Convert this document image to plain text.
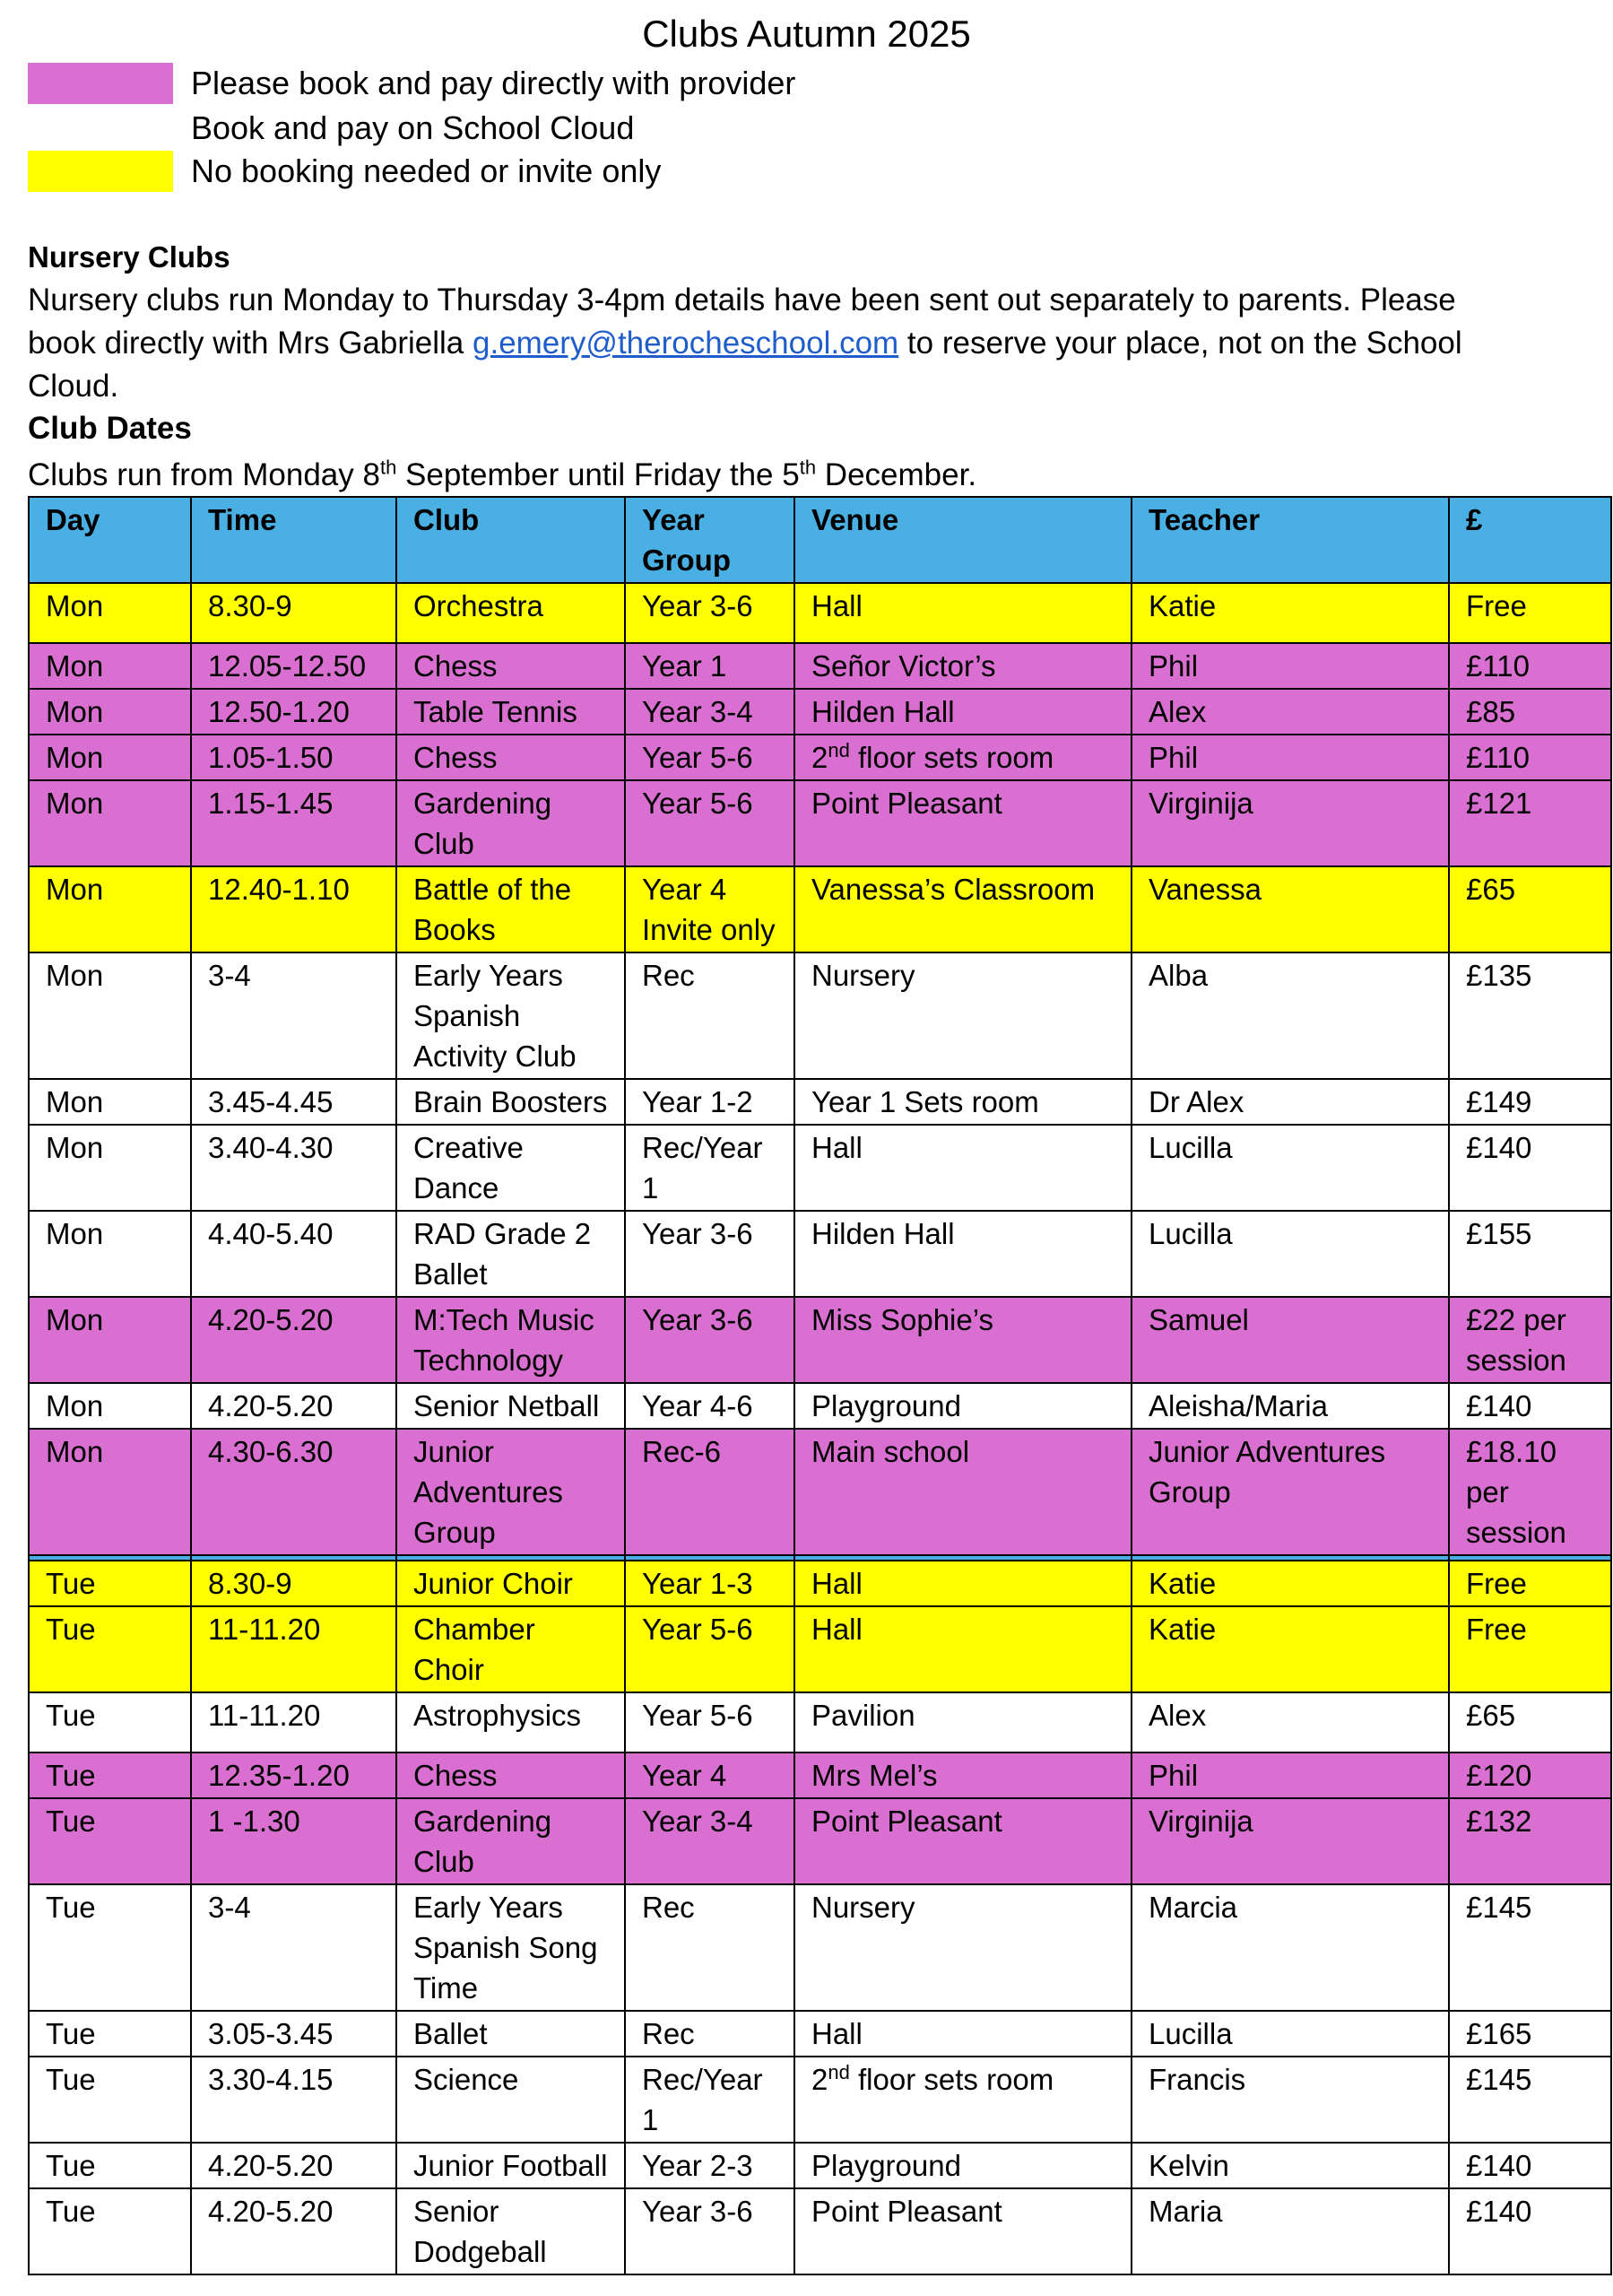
Clubs Autumn 2025
Please book and pay directly with provider
Book and pay on School Cloud
No booking needed or invite only
Nursery Clubs
Nursery clubs run Monday to Thursday 3-4pm details have been sent out separately to parents. Please book directly with Mrs Gabriella g.emery@therocheschool.com to reserve your place, not on the School Cloud.
Club Dates
Clubs run from Monday 8th September until Friday the 5th December.
Day	Time	Club	Year Group	Venue	Teacher	£
Mon	8.30-9	Orchestra	Year 3-6	Hall	Katie	Free
Mon	12.05-12.50	Chess	Year 1	Señor Victor’s	Phil	£110
Mon	12.50-1.20	Table Tennis	Year 3-4	Hilden Hall	Alex	£85
Mon	1.05-1.50	Chess	Year 5-6	2nd floor sets room	Phil	£110
Mon	1.15-1.45	Gardening Club	Year 5-6	Point Pleasant	Virginija	£121
Mon	12.40-1.10	Battle of the Books	Year 4 Invite only	Vanessa’s Classroom	Vanessa	£65
Mon	3-4	Early Years Spanish Activity Club	Rec	Nursery	Alba	£135
Mon	3.45-4.45	Brain Boosters	Year 1-2	Year 1 Sets room	Dr Alex	£149
Mon	3.40-4.30	Creative Dance	Rec/Year 1	Hall	Lucilla	£140
Mon	4.40-5.40	RAD Grade 2 Ballet	Year 3-6	Hilden Hall	Lucilla	£155
Mon	4.20-5.20	M:Tech Music Technology	Year 3-6	Miss Sophie’s	Samuel	£22 per session
Mon	4.20-5.20	Senior Netball	Year 4-6	Playground	Aleisha/Maria	£140
Mon	4.30-6.30	Junior Adventures Group	Rec-6	Main school	Junior Adventures Group	£18.10 per session

Tue	8.30-9	Junior Choir	Year 1-3	Hall	Katie	Free
Tue	11-11.20	Chamber Choir	Year 5-6	Hall	Katie	Free
Tue	11-11.20	Astrophysics	Year 5-6	Pavilion	Alex	£65
Tue	12.35-1.20	Chess	Year 4	Mrs Mel’s	Phil	£120
Tue	1 -1.30	Gardening Club	Year 3-4	Point Pleasant	Virginija	£132
Tue	3-4	Early Years Spanish Song Time	Rec	Nursery	Marcia	£145
Tue	3.05-3.45	Ballet	Rec	Hall	Lucilla	£165
Tue	3.30-4.15	Science	Rec/Year 1	2nd floor sets room	Francis	£145
Tue	4.20-5.20	Junior Football	Year 2-3	Playground	Kelvin	£140
Tue	4.20-5.20	Senior Dodgeball	Year 3-6	Point Pleasant	Maria	£140
